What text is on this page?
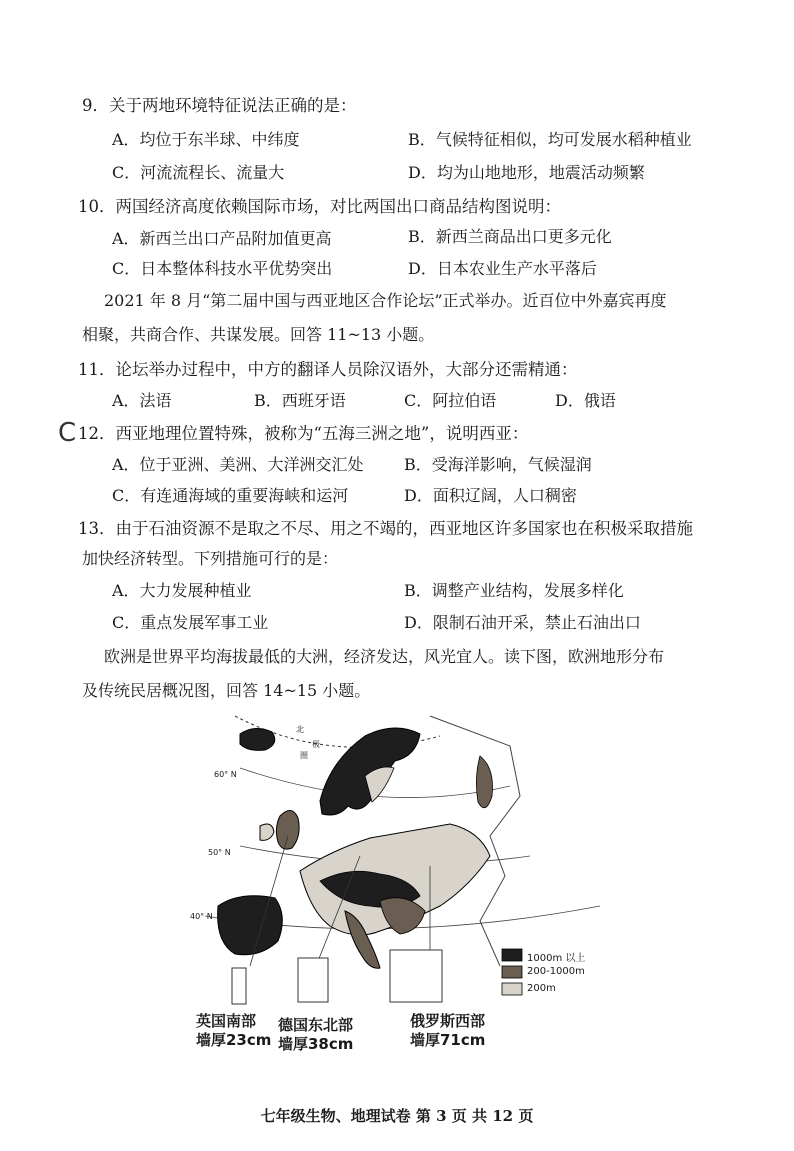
9．关于两地环境特征说法正确的是：
A．均位于东半球、中纬度	B．气候特征相似，均可发展水稻种植业
C．河流流程长、流量大	D．均为山地地形，地震活动频繁
10．两国经济高度依赖国际市场，对比两国出口商品结构图说明：
A．新西兰出口产品附加值更高	B．新西兰商品出口更多元化
C．日本整体科技水平优势突出	D．日本农业生产水平落后
2021 年 8 月“第二届中国与西亚地区合作论坛”正式举办。近百位中外嘉宾再度
相聚，共商合作、共谋发展。回答 11~13 小题。
11．论坛举办过程中，中方的翻译人员除汉语外，大部分还需精通：
A．法语	B．西班牙语	C．阿拉伯语	D．俄语
C 12．西亚地理位置特殊，被称为“五海三洲之地”，说明西亚：
A．位于亚洲、美洲、大洋洲交汇处	B．受海洋影响，气候湿润
C．有连通海域的重要海峡和运河	D．面积辽阔，人口稠密
13．由于石油资源不是取之不尽、用之不竭的，西亚地区许多国家也在积极采取措施
加快经济转型。下列措施可行的是：
A．大力发展种植业	B．调整产业结构，发展多样化
C．重点发展军事工业	D．限制石油开采，禁止石油出口
欧洲是世界平均海拔最低的大洲，经济发达，风光宜人。读下图，欧洲地形分布
及传统民居概况图，回答 14~15 小题。
北
极
圈
60° N
50° N
40° N
1000m 以上
200-1000m
200m
英国南部
墙厚23cm
德国东北部
墙厚38cm
俄罗斯西部
墙厚71cm
七年级生物、地理试卷 第 3 页 共 12 页
